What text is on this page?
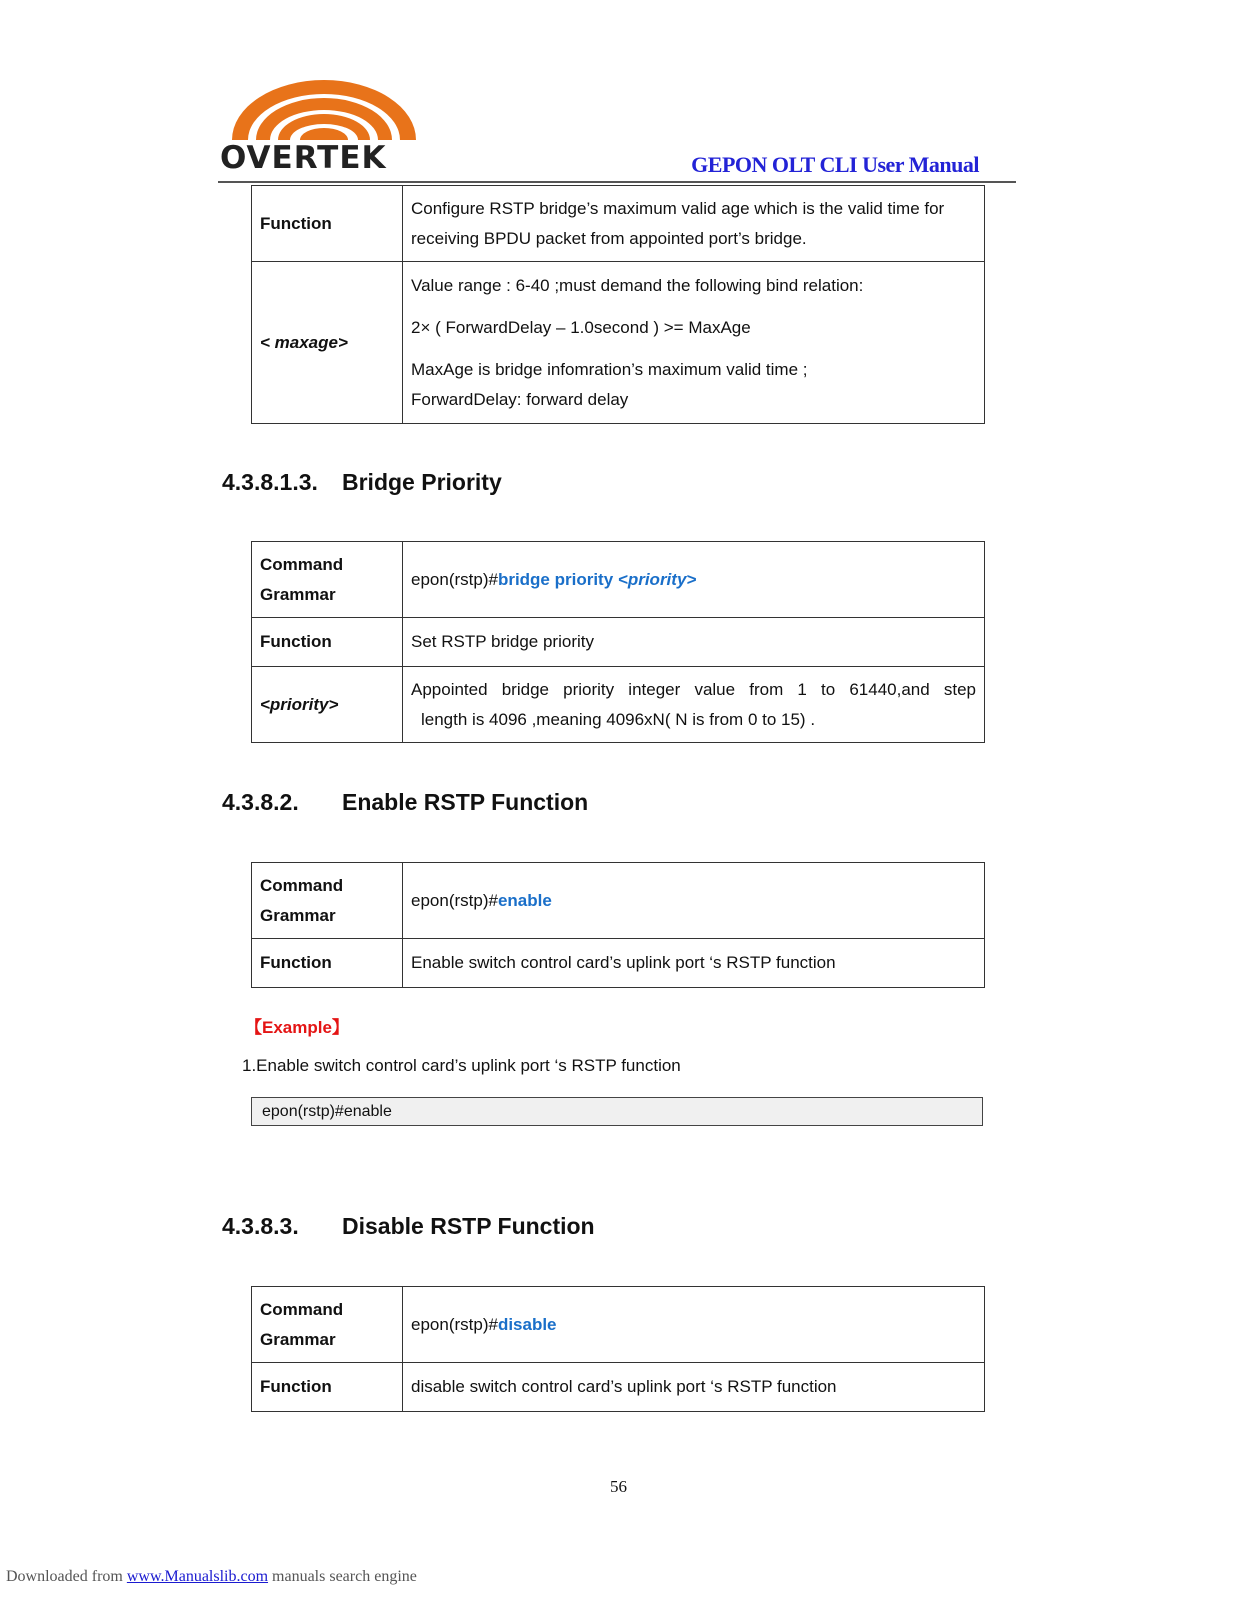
OVERTEK	GEPON OLT CLI User Manual
Function	Configure RSTP bridge’s maximum valid age which is the valid time for receiving BPDU packet from appointed port’s bridge.
< maxage>	Value range : 6-40 ;must demand the following bind relation:

2× ( ForwardDelay – 1.0second ) >= MaxAge

MaxAge is bridge infomration’s maximum valid time ;

ForwardDelay: forward delay

4.3.8.1.3. Bridge Priority
Command Grammar	epon(rstp)#bridge priority <priority>
Function	Set RSTP bridge priority
<priority>	Appointed bridge priority integer value from 1 to 61440,and step
length is 4096 ,meaning 4096xN( N is from 0 to 15) .
4.3.8.2. Enable RSTP Function
Command Grammar	epon(rstp)#enable
Function	Enable switch control card’s uplink port ‘s RSTP function
【Example】
1.Enable switch control card’s uplink port ‘s RSTP function
epon(rstp)#enable
4.3.8.3. Disable RSTP Function
Command Grammar	epon(rstp)#disable
Function	disable switch control card’s uplink port ‘s RSTP function
56
Downloaded from www.Manualslib.com manuals search engine
